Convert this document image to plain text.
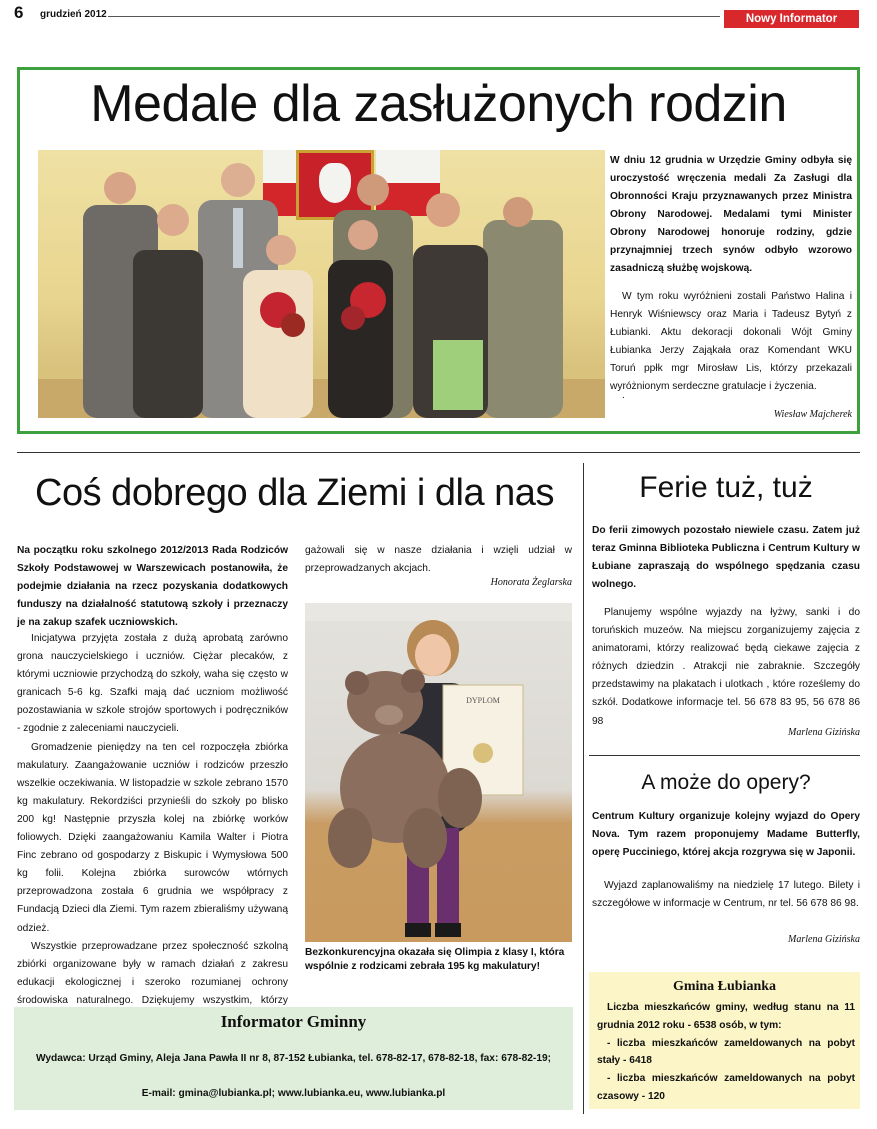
6 grudzień 2012	Nowy Informator Gminny
Medale dla zasłużonych rodzin
W dniu 12 grudnia w Urzędzie Gminy odbyła się uroczystość wręczenia medali Za Zasługi dla Obronności Kraju przyznawanych przez Ministra Obrony Narodowej. Medalami tymi Minister Obrony Narodowej honoruje rodziny, gdzie przynajmniej trzech synów odbyło wzorowo zasadniczą służbę wojskową.
W tym roku wyróżnieni zostali Państwo Halina i Henryk Wiśniewscy oraz Maria i Tadeusz Bytyń z Łubianki. Aktu dekoracji dokonali Wójt Gminy Łubianka Jerzy Zająkała oraz Komendant WKU Toruń ppłk mgr Mirosław Lis, którzy przekazali wyróżnionym serdeczne gratulacje i życzenia.
.
Wiesław Majcherek
Coś dobrego dla Ziemi i dla nas
Na początku roku szkolnego 2012/2013 Rada Rodziców Szkoły Podstawowej w Warszewicach postanowiła, że podejmie działania na rzecz pozyskania dodatkowych funduszy na działalność statutową szkoły i przeznaczy je na zakup szafek uczniowskich.

Inicjatywa przyjęta została z dużą aprobatą zarówno grona nauczycielskiego i uczniów. Ciężar plecaków, z którymi uczniowie przychodzą do szkoły, waha się często w granicach 5-6 kg. Szafki mają dać uczniom możliwość pozostawiania w szkole strojów sportowych i podręczników - zgodnie z zaleceniami nauczycieli.

Gromadzenie pieniędzy na ten cel rozpoczęła zbiórka makulatury. Zaangażowanie uczniów i rodziców przeszło wszelkie oczekiwania. W listopadzie w szkole zebrano 1570 kg makulatury. Rekordziści przynieśli do szkoły po blisko 200 kg! Następnie przyszła kolej na zbiórkę worków foliowych. Dzięki zaangażowaniu Kamila Walter i Piotra Finc zebrano od gospodarzy z Biskupic i Wymysłowa 500 kg folii. Kolejna zbiórka surowców wtórnych przeprowadzona została 6 grudnia we współpracy z Fundacją Dzieci dla Ziemi. Tym razem zbieraliśmy używaną odzież.

Wszystkie przeprowadzane przez społeczność szkolną zbiórki organizowane były w ramach działań z zakresu edukacji ekologicznej i szeroko rozumianej ochrony środowiska naturalnego. Dziękujemy wszystkim, którzy

gażowali się w nasze działania i wzięli udział w przeprowadzanych akcjach.
Honorata Żeglarska
DYPLOM
Bezkonkurencyjna okazała się Olimpia z klasy I, która wspólnie z rodzicami zebrała 195 kg makulatury!
Ferie tuż, tuż
Do ferii zimowych pozostało niewiele czasu. Zatem już teraz Gminna Biblioteka Publiczna i Centrum Kultury w Łubiane zapraszają do wspólnego spędzania czasu wolnego.
Planujemy wspólne wyjazdy na łyżwy, sanki i do toruńskich muzeów. Na miejscu zorganizujemy zajęcia z animatorami, którzy realizować będą ciekawe zajęcia z różnych dziedzin . Atrakcji nie zabraknie. Szczegóły przedstawimy na plakatach i ulotkach , które roześlemy do szkół. Dodatkowe informacje tel. 56 678 83 95, 56 678 86 98
Marlena Gizińska
A może do opery?
Centrum Kultury organizuje kolejny wyjazd do Opery Nova. Tym razem proponujemy Madame Butterfly, operę Pucciniego, której akcja rozgrywa się w Japonii.
Wyjazd zaplanowaliśmy na niedzielę 17 lutego. Bilety i szczegółowe w informacje w Centrum, nr tel. 56 678 86 98.
Marlena Gizińska
Gmina Łubianka
Liczba mieszkańców gminy, według stanu na 11 grudnia 2012 roku - 6538 osób, w tym:
- liczba mieszkańców zameldowanych na pobyt stały - 6418
- liczba mieszkańców zameldowanych na pobyt czasowy - 120
Informator Gminny
Wydawca: Urząd Gminy, Aleja Jana Pawła II nr 8, 87-152 Łubianka, tel. 678-82-17, 678-82-18, fax: 678-82-19;
E-mail: gmina@lubianka.pl; www.lubianka.eu, www.lubianka.pl
